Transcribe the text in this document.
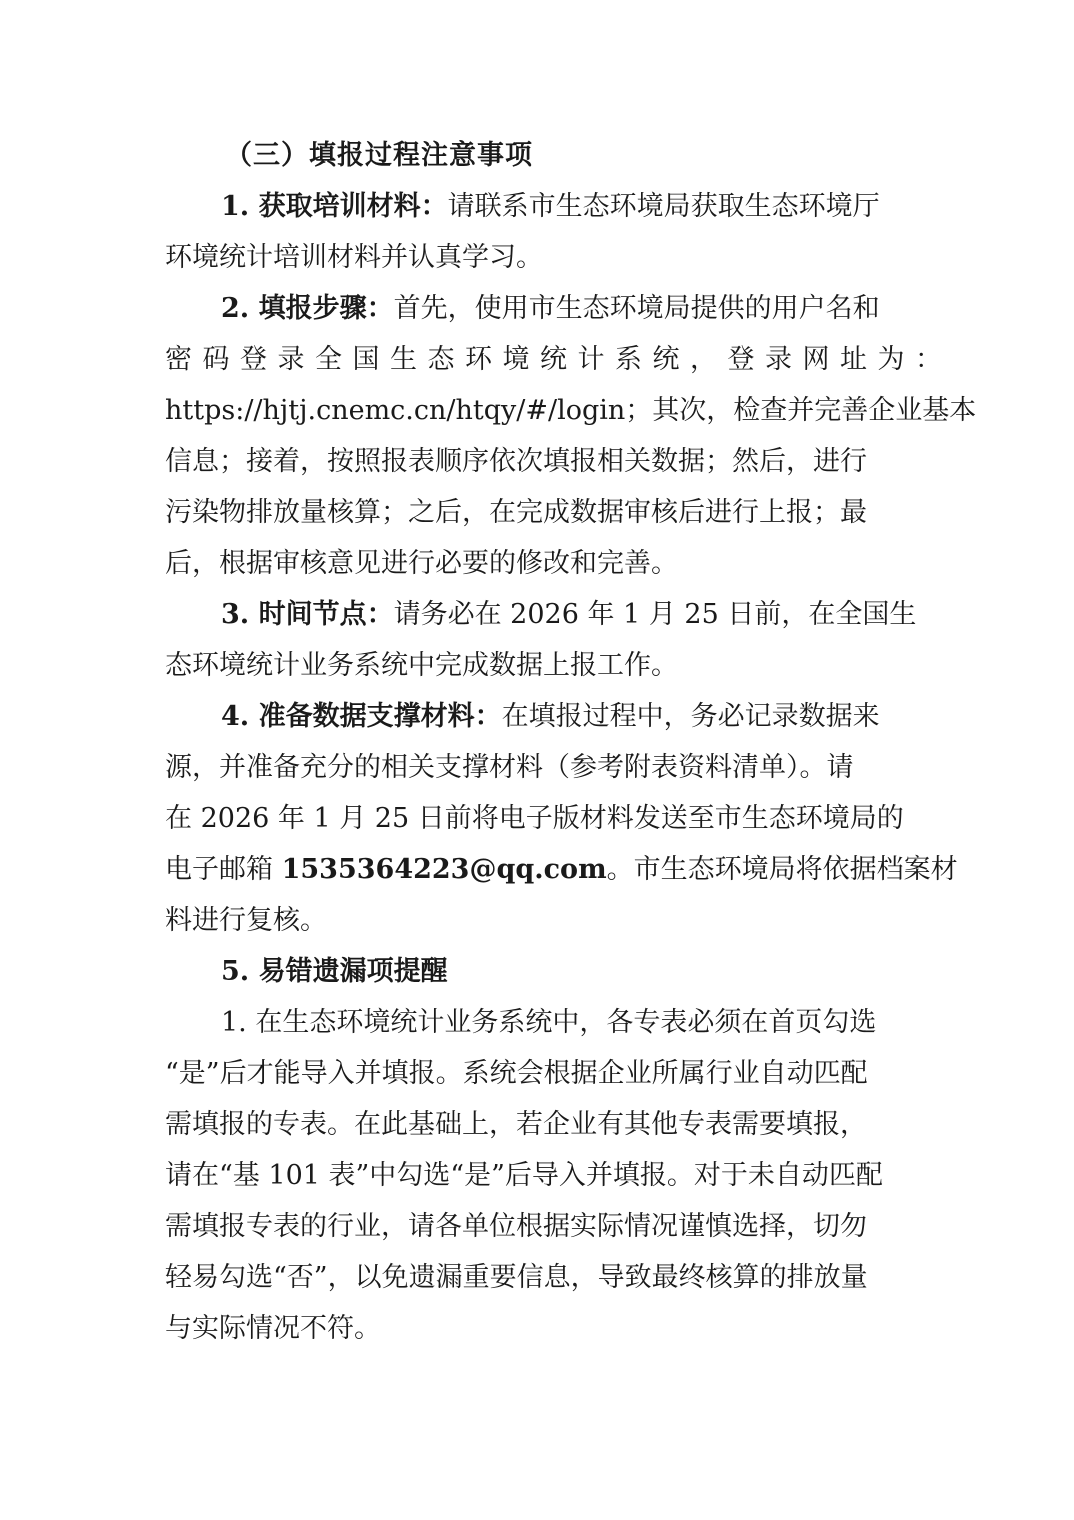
（三）填报过程注意事项
1. 获取培训材料：请联系市生态环境局获取生态环境厅
环境统计培训材料并认真学习。
2. 填报步骤：首先，使用市生态环境局提供的用户名和
密码登录全国生态环境统计系统，登录网址为：
https://hjtj.cnemc.cn/htqy/#/login；其次，检查并完善企业基本
信息；接着，按照报表顺序依次填报相关数据；然后，进行
污染物排放量核算；之后，在完成数据审核后进行上报；最
后，根据审核意见进行必要的修改和完善。
3. 时间节点：请务必在 2026 年 1 月 25 日前，在全国生
态环境统计业务系统中完成数据上报工作。
4. 准备数据支撑材料：在填报过程中，务必记录数据来
源，并准备充分的相关支撑材料（参考附表资料清单）。请
在 2026 年 1 月 25 日前将电子版材料发送至市生态环境局的
电子邮箱 1535364223@qq.com。市生态环境局将依据档案材
料进行复核。
5. 易错遗漏项提醒
1. 在生态环境统计业务系统中，各专表必须在首页勾选
“是”后才能导入并填报。系统会根据企业所属行业自动匹配
需填报的专表。在此基础上，若企业有其他专表需要填报，
请在“基 101 表”中勾选“是”后导入并填报。对于未自动匹配
需填报专表的行业，请各单位根据实际情况谨慎选择，切勿
轻易勾选“否”，以免遗漏重要信息，导致最终核算的排放量
与实际情况不符。
